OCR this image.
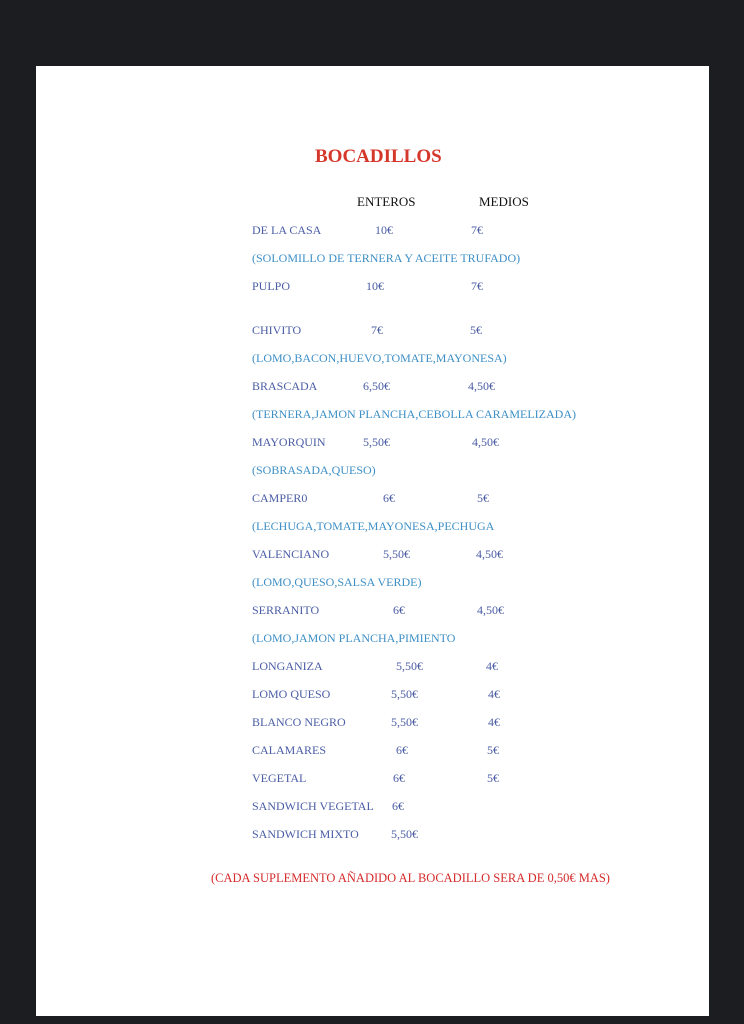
BOCADILLOS
ENTEROS	MEDIOS
DE LA CASA	10€	7€
(SOLOMILLO DE TERNERA Y ACEITE TRUFADO)
PULPO	10€	7€
CHIVITO	7€	5€
(LOMO,BACON,HUEVO,TOMATE,MAYONESA)
BRASCADA	6,50€	4,50€
(TERNERA,JAMON PLANCHA,CEBOLLA CARAMELIZADA)
MAYORQUIN	5,50€	4,50€
(SOBRASADA,QUESO)
CAMPER0	6€	5€
(LECHUGA,TOMATE,MAYONESA,PECHUGA
VALENCIANO	5,50€	4,50€
(LOMO,QUESO,SALSA VERDE)
SERRANITO	6€	4,50€
(LOMO,JAMON PLANCHA,PIMIENTO
LONGANIZA	5,50€	4€
LOMO QUESO	5,50€	4€
BLANCO NEGRO	5,50€	4€
CALAMARES	6€	5€
VEGETAL	6€	5€
SANDWICH VEGETAL 6€
SANDWICH MIXTO	5,50€
(CADA SUPLEMENTO AÑADIDO AL BOCADILLO SERA DE 0,50€ MAS)
